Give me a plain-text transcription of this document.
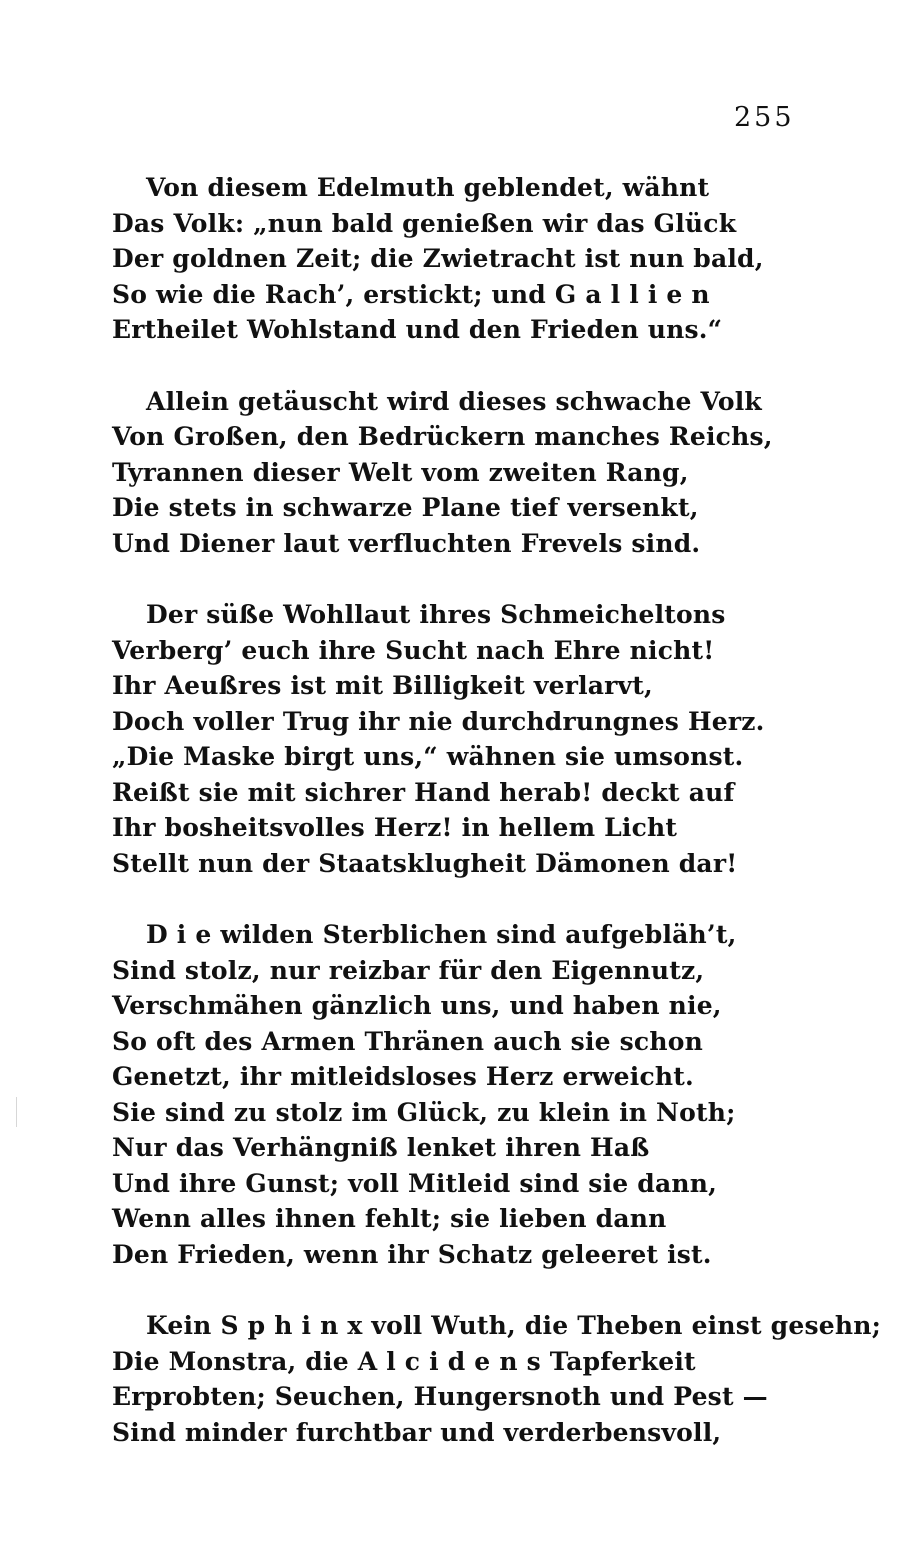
255
Von diesem Edelmuth geblendet, wähnt
Das Volk: „nun bald genießen wir das Glück
Der goldnen Zeit; die Zwietracht ist nun bald,
So wie die Rach’, erstickt; und G a l l i e n
Ertheilet Wohlstand und den Frieden uns.“
Allein getäuscht wird dieses schwache Volk
Von Großen, den Bedrückern manches Reichs,
Tyrannen dieser Welt vom zweiten Rang,
Die stets in schwarze Plane tief versenkt,
Und Diener laut verfluchten Frevels sind.
Der süße Wohllaut ihres Schmeicheltons
Verberg’ euch ihre Sucht nach Ehre nicht!
Ihr Aeußres ist mit Billigkeit verlarvt,
Doch voller Trug ihr nie durchdrungnes Herz.
„Die Maske birgt uns,“ wähnen sie umsonst.
Reißt sie mit sichrer Hand herab! deckt auf
Ihr bosheitsvolles Herz! in hellem Licht
Stellt nun der Staatsklugheit Dämonen dar!
D i e wilden Sterblichen sind aufgebläh’t,
Sind stolz, nur reizbar für den Eigennutz,
Verschmähen gänzlich uns, und haben nie,
So oft des Armen Thränen auch sie schon
Genetzt, ihr mitleidsloses Herz erweicht.
Sie sind zu stolz im Glück, zu klein in Noth;
Nur das Verhängniß lenket ihren Haß
Und ihre Gunst; voll Mitleid sind sie dann,
Wenn alles ihnen fehlt; sie lieben dann
Den Frieden, wenn ihr Schatz geleeret ist.
Kein S p h i n x voll Wuth, die Theben einst gesehn;
Die Monstra, die A l c i d e n s Tapferkeit
Erprobten; Seuchen, Hungersnoth und Pest —
Sind minder furchtbar und verderbensvoll,
